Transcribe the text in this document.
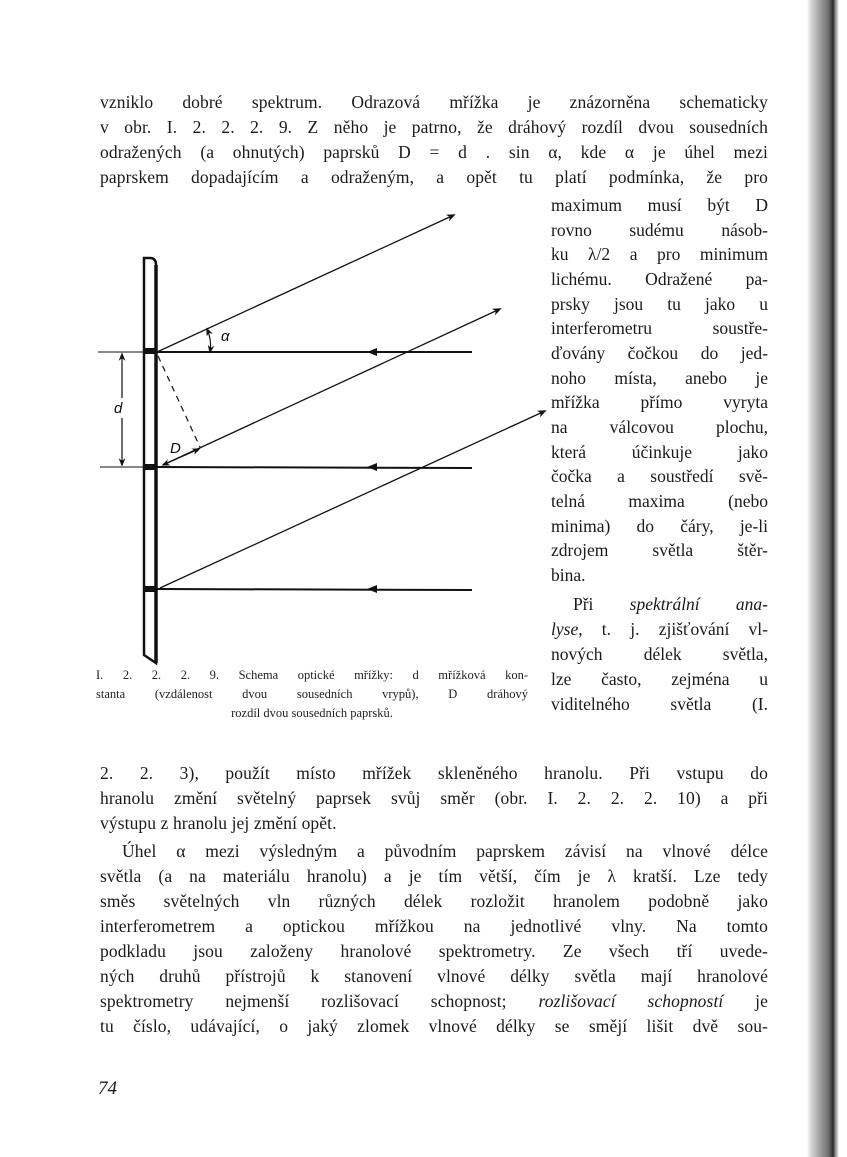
vzniklo dobré spektrum. Odrazová mřížka je znázorněna schematicky
v obr. I. 2. 2. 2. 9. Z něho je patrno, že dráhový rozdíl dvou sousedních
odražených (a ohnutých) paprsků D = d . sin α, kde α je úhel mezi
paprskem dopadajícím a odraženým, a opět tu platí podmínka, že pro
maximum musí být D
rovno sudému násob-
ku λ/2 a pro minimum
lichému. Odražené pa-
prsky jsou tu jako u
interferometru soustře-
ďovány čočkou do jed-
noho místa, anebo je
mřížka přímo vyryta
na válcovou plochu,
která účinkuje jako
čočka a soustředí svě-
telná maxima (nebo
minima) do čáry, je-li
zdrojem světla štěr-
bina.
Při spektrální ana-
lyse, t. j. zjišťování vl-
nových délek světla,
lze často, zejména u
viditelného světla (I.
α
d
D
I. 2. 2. 2. 9. Schema optické mřížky: d mřížková kon-
stanta (vzdálenost dvou sousedních vrypů), D dráhový
rozdíl dvou sousedních paprsků.
2. 2. 3), použít místo mřížek skleněného hranolu. Při vstupu do
hranolu změní světelný paprsek svůj směr (obr. I. 2. 2. 2. 10) a při
výstupu z hranolu jej změní opět.
Úhel α mezi výsledným a původním paprskem závisí na vlnové délce
světla (a na materiálu hranolu) a je tím větší, čím je λ kratší. Lze tedy
směs světelných vln různých délek rozložit hranolem podobně jako
interferometrem a optickou mřížkou na jednotlivé vlny. Na tomto
podkladu jsou založeny hranolové spektrometry. Ze všech tří uvede-
ných druhů přístrojů k stanovení vlnové délky světla mají hranolové
spektrometry nejmenší rozlišovací schopnost; rozlišovací schopností je
tu číslo, udávající, o jaký zlomek vlnové délky se smějí lišit dvě sou-
74
